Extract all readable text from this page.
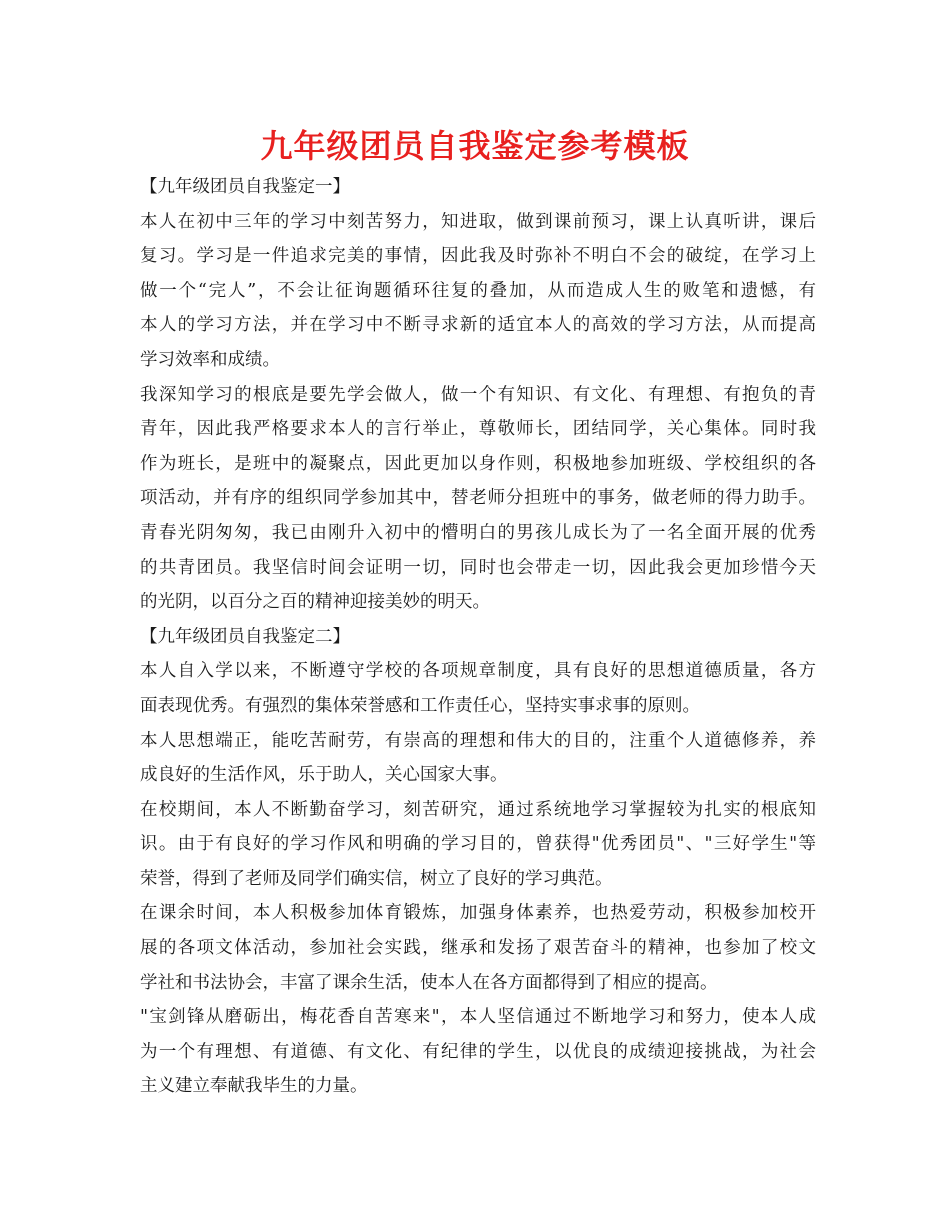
九年级团员自我鉴定参考模板

【九年级团员自我鉴定一】

本人在初中三年的学习中刻苦努力，知进取，做到课前预习，课上认真听讲，课后

复习。学习是一件追求完美的事情，因此我及时弥补不明白不会的破绽，在学习上

做一个“完人”，不会让征询题循环往复的叠加，从而造成人生的败笔和遗憾，有

本人的学习方法，并在学习中不断寻求新的适宜本人的高效的学习方法，从而提高

学习效率和成绩。

我深知学习的根底是要先学会做人，做一个有知识、有文化、有理想、有抱负的青

青年，因此我严格要求本人的言行举止，尊敬师长，团结同学，关心集体。同时我

作为班长，是班中的凝聚点，因此更加以身作则，积极地参加班级、学校组织的各

项活动，并有序的组织同学参加其中，替老师分担班中的事务，做老师的得力助手。

青春光阴匆匆，我已由刚升入初中的懵明白的男孩儿成长为了一名全面开展的优秀

的共青团员。我坚信时间会证明一切，同时也会带走一切，因此我会更加珍惜今天

的光阴，以百分之百的精神迎接美妙的明天。

【九年级团员自我鉴定二】

本人自入学以来，不断遵守学校的各项规章制度，具有良好的思想道德质量，各方

面表现优秀。有强烈的集体荣誉感和工作责任心，坚持实事求事的原则。

本人思想端正，能吃苦耐劳，有崇高的理想和伟大的目的，注重个人道德修养，养

成良好的生活作风，乐于助人，关心国家大事。

在校期间，本人不断勤奋学习，刻苦研究，通过系统地学习掌握较为扎实的根底知

识。由于有良好的学习作风和明确的学习目的，曾获得"优秀团员"、"三好学生"等

荣誉，得到了老师及同学们确实信，树立了良好的学习典范。

在课余时间，本人积极参加体育锻炼，加强身体素养，也热爱劳动，积极参加校开

展的各项文体活动，参加社会实践，继承和发扬了艰苦奋斗的精神，也参加了校文

学社和书法协会，丰富了课余生活，使本人在各方面都得到了相应的提高。

"宝剑锋从磨砺出，梅花香自苦寒来"，本人坚信通过不断地学习和努力，使本人成

为一个有理想、有道德、有文化、有纪律的学生，以优良的成绩迎接挑战，为社会

主义建立奉献我毕生的力量。
